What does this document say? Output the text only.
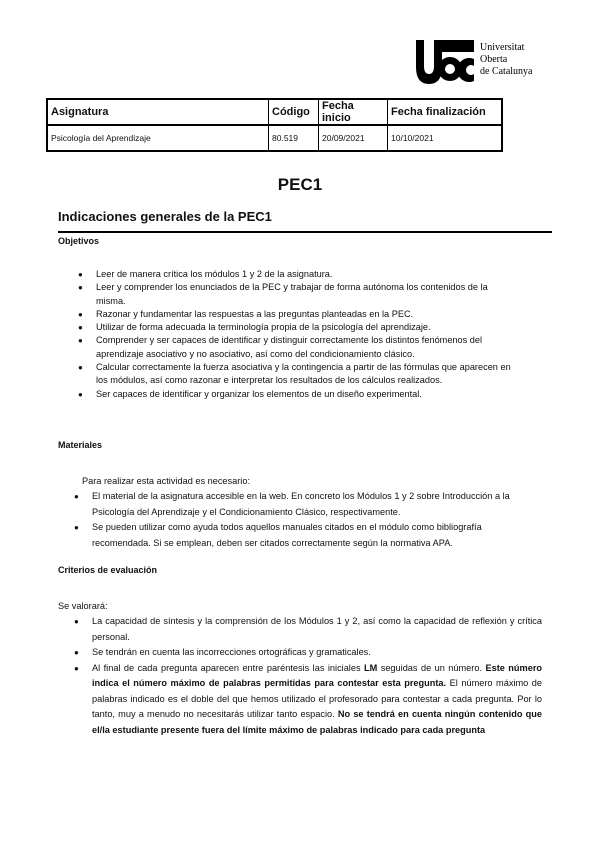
Universitat
Oberta
de Catalunya
Asignatura	Código	Fecha inicio	Fecha finalización
Psicología del Aprendizaje	80.519	20/09/2021	10/10/2021
PEC1
Indicaciones generales de la PEC1
Objetivos
● Leer de manera crítica los módulos 1 y 2 de la asignatura.
● Leer y comprender los enunciados de la PEC y trabajar de forma autónoma los contenidos de la misma.
● Razonar y fundamentar las respuestas a las preguntas planteadas en la PEC.
● Utilizar de forma adecuada la terminología propia de la psicología del aprendizaje.
● Comprender y ser capaces de identificar y distinguir correctamente los distintos fenómenos del aprendizaje asociativo y no asociativo, así como del condicionamiento clásico.
● Calcular correctamente la fuerza asociativa y la contingencia a partir de las fórmulas que aparecen en los módulos, así como razonar e interpretar los resultados de los cálculos realizados.
● Ser capaces de identificar y organizar los elementos de un diseño experimental.
Materiales
Para realizar esta actividad es necesario:
● El material de la asignatura accesible en la web. En concreto los Módulos 1 y 2 sobre Introducción a la Psicología del Aprendizaje y el Condicionamiento Clásico, respectivamente.
● Se pueden utilizar como ayuda todos aquellos manuales citados en el módulo como bibliografía recomendada. Si se emplean, deben ser citados correctamente según la normativa APA.
Criterios de evaluación
Se valorará:
● La capacidad de síntesis y la comprensión de los Módulos 1 y 2, así como la capacidad de reflexión y crítica personal.
● Se tendrán en cuenta las incorrecciones ortográficas y gramaticales.
● Al final de cada pregunta aparecen entre paréntesis las iniciales LM seguidas de un número. Este número indica el número máximo de palabras permitidas para contestar esta pregunta. El número máximo de palabras indicado es el doble del que hemos utilizado el profesorado para contestar a cada pregunta. Por lo tanto, muy a menudo no necesitarás utilizar tanto espacio. No se tendrá en cuenta ningún contenido que el/la estudiante presente fuera del límite máximo de palabras indicado para cada pregunta
